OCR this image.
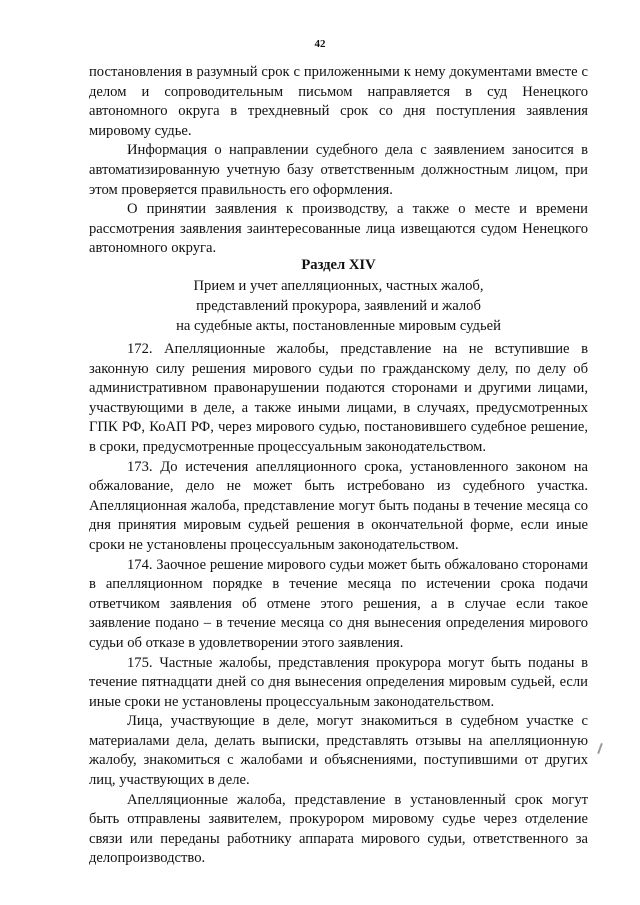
42

постановления в разумный срок с приложенными к нему документами вместе с делом и сопроводительным письмом направляется в суд Ненецкого автономного округа в трехдневный срок со дня поступления заявления мировому судье.

Информация о направлении судебного дела с заявлением заносится в автоматизированную учетную базу ответственным должностным лицом, при этом проверяется правильность его оформления.

О принятии заявления к производству, а также о месте и времени рассмотрения заявления заинтересованные лица извещаются судом Ненецкого автономного округа.

Раздел XIV

Прием и учет апелляционных, частных жалоб,

представлений прокурора, заявлений и жалоб

на судебные акты, постановленные мировым судьей

172. Апелляционные жалобы, представление на не вступившие в законную силу решения мирового судьи по гражданскому делу, по делу об административном правонарушении подаются сторонами и другими лицами, участвующими в деле, а также иными лицами, в случаях, предусмотренных ГПК РФ, КоАП РФ, через мирового судью, постановившего судебное решение, в сроки, предусмотренные процессуальным законодательством.

173. До истечения апелляционного срока, установленного законом на обжалование, дело не может быть истребовано из судебного участка. Апелляционная жалоба, представление могут быть поданы в течение месяца со дня принятия мировым судьей решения в окончательной форме, если иные сроки не установлены процессуальным законодательством.

174. Заочное решение мирового судьи может быть обжаловано сторонами в апелляционном порядке в течение месяца по истечении срока подачи ответчиком заявления об отмене этого решения, а в случае если такое заявление подано – в течение месяца со дня вынесения определения мирового судьи об отказе в удовлетворении этого заявления.

175. Частные жалобы, представления прокурора могут быть поданы в течение пятнадцати дней со дня вынесения определения мировым судьей, если иные сроки не установлены процессуальным законодательством.

Лица, участвующие в деле, могут знакомиться в судебном участке с материалами дела, делать выписки, представлять отзывы на апелляционную жалобу, знакомиться с жалобами и объяснениями, поступившими от других лиц, участвующих в деле.

Апелляционные жалоба, представление в установленный срок могут быть отправлены заявителем, прокурором мировому судье через отделение связи или переданы работнику аппарата мирового судьи, ответственного за делопроизводство.
